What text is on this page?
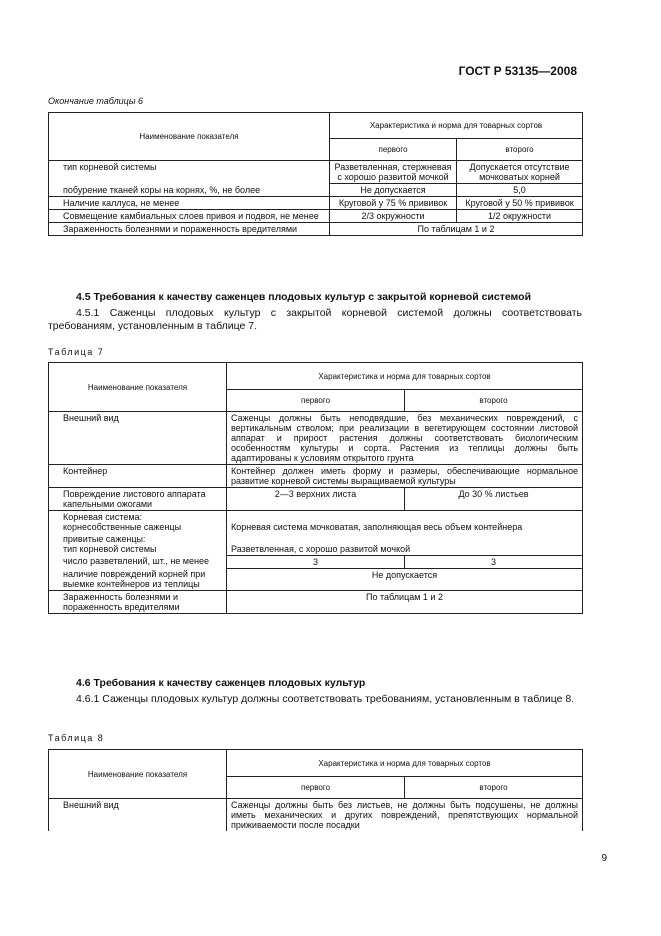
ГОСТ Р 53135—2008
Окончание таблицы 6
Наименование показателя	Характеристика и норма для товарных сортов	
	первого	второго
тип корневой системы	Разветвленная, стержневая с хорошо развитой мочкой	Допускается отсутствие мочковатых корней
побурение тканей коры на корнях, %, не более	Не допускается	5,0
Наличие каллуса, не менее	Круговой у 75 % прививок	Круговой у 50 % прививок
Совмещение камбиальных слоев привоя и подвоя, не менее	2/3 окружности	1/2 окружности
Зараженность болезнями и пораженность вредителями	По таблицам 1 и 2	
4.5 Требования к качеству саженцев плодовых культур с закрытой корневой системой
4.5.1 Саженцы плодовых культур с закрытой корневой системой должны соответствовать требованиям, установленным в таблице 7.
Таблица 7
Наименование показателя	Характеристика и норма для товарных сортов	
	первого	второго
Внешний вид	Саженцы должны быть неподвядшие, без механических повреждений, с вертикальным стволом; при реализации в вегетирующем состоянии листовой аппарат и прирост растения должны соответствовать биологическим особенностям культуры и сорта. Растения из теплицы должны быть адаптированы к условиям открытого грунта	
Контейнер	Контейнер должен иметь форму и размеры, обеспечивающие нормальное развитие корневой системы выращиваемой культуры	
Повреждение листового аппарата капельными ожогами	2—3 верхних листа	До 30 % листьев

Корневая система:
корнесобственные саженцы	Корневая система мочковатая, заполняющая весь объем контейнера	

привитые саженцы:
тип корневой системы	Разветвленная, с хорошо развитой мочкой	
число разветвлений, шт., не менее	3	3
наличие повреждений корней при выемке контейнеров из теплицы	Не допускается	
Зараженность болезнями и пораженность вредителями	По таблицам 1 и 2	
4.6 Требования к качеству саженцев плодовых культур
4.6.1 Саженцы плодовых культур должны соответствовать требованиям, установленным в таблице 8.
Таблица 8
Наименование показателя	Характеристика и норма для товарных сортов	
	первого	второго
Внешний вид	Саженцы должны быть без листьев, не должны быть подсушены, не должны иметь механических и других повреждений, препятствующих нормальной приживаемости после посадки	
9
